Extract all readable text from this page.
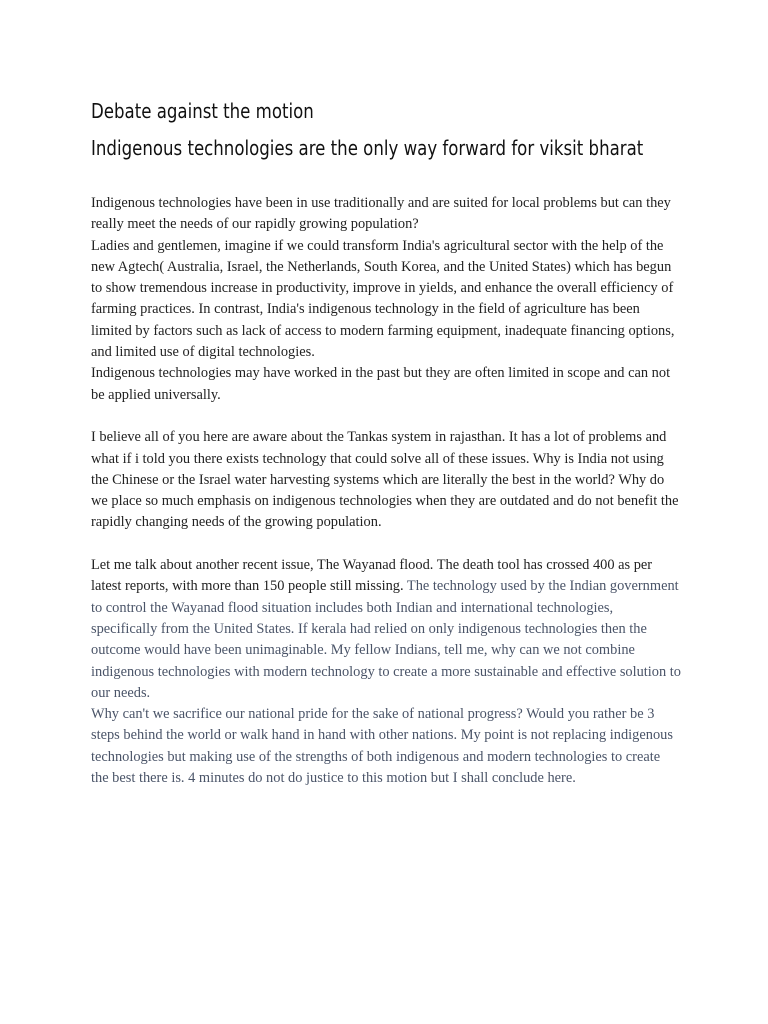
Debate against the motion
Indigenous technologies are the only way forward for viksit bharat

Indigenous technologies have been in use traditionally and are suited for local problems but can they really meet the needs of our rapidly growing population?

Ladies and gentlemen, imagine if we could transform India's agricultural sector with the help of the new Agtech( Australia, Israel, the Netherlands, South Korea, and the United States) which has begun to show tremendous increase in productivity, improve in yields, and enhance the overall efficiency of farming practices. In contrast, India's indigenous technology in the field of agriculture has been limited by factors such as lack of access to modern farming equipment, inadequate financing options, and limited use of digital technologies.

Indigenous technologies may have worked in the past but they are often limited in scope and can not be applied universally.

I believe all of you here are aware about the Tankas system in rajasthan. It has a lot of problems and what if i told you there exists technology that could solve all of these issues. Why is India not using the Chinese or the Israel water harvesting systems which are literally the best in the world? Why do we place so much emphasis on indigenous technologies when they are outdated and do not benefit the rapidly changing needs of the growing population.

Let me talk about another recent issue, The Wayanad flood. The death tool has crossed 400 as per latest reports, with more than 150 people still missing. The technology used by the Indian government to control the Wayanad flood situation includes both Indian and international technologies, specifically from the United States. If kerala had relied on only indigenous technologies then the outcome would have been unimaginable. My fellow Indians, tell me, why can we not combine indigenous technologies with modern technology to create a more sustainable and effective solution to our needs.

Why can't we sacrifice our national pride for the sake of national progress? Would you rather be 3 steps behind the world or walk hand in hand with other nations. My point is not replacing indigenous technologies but making use of the strengths of both indigenous and modern technologies to create the best there is. 4 minutes do not do justice to this motion but I shall conclude here.
